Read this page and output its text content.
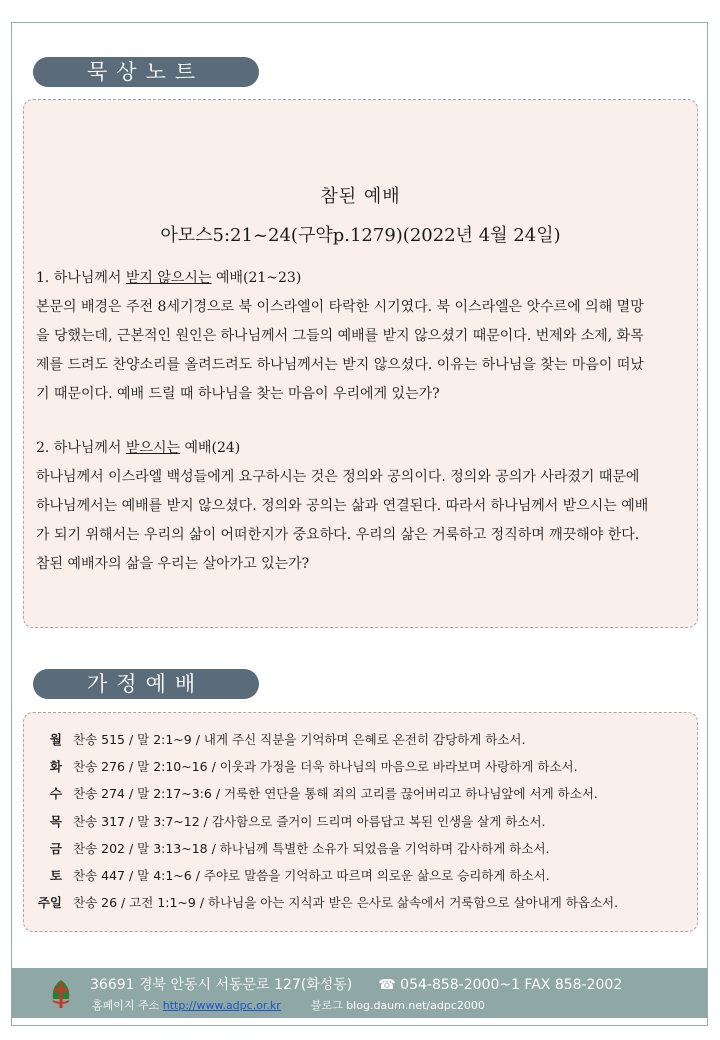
묵상노트
참된 예배
아모스5:21~24(구약p.1279)(2022년 4월 24일)
1. 하나님께서 받지 않으시는 예배(21~23)
본문의 배경은 주전 8세기경으로 북 이스라엘이 타락한 시기였다. 북 이스라엘은 앗수르에 의해 멸망을 당했는데, 근본적인 원인은 하나님께서 그들의 예배를 받지 않으셨기 때문이다. 번제와 소제, 화목제를 드려도 찬양소리를 올려드려도 하나님께서는 받지 않으셨다. 이유는 하나님을 찾는 마음이 떠났기 때문이다. 예배 드릴 때 하나님을 찾는 마음이 우리에게 있는가?
2. 하나님께서 받으시는 예배(24)
하나님께서 이스라엘 백성들에게 요구하시는 것은 정의와 공의이다. 정의와 공의가 사라졌기 때문에 하나님께서는 예배를 받지 않으셨다. 정의와 공의는 삶과 연결된다. 따라서 하나님께서 받으시는 예배가 되기 위해서는 우리의 삶이 어떠한지가 중요하다. 우리의 삶은 거룩하고 정직하며 깨끗해야 한다. 참된 예배자의 삶을 우리는 살아가고 있는가?
가정예배
월 찬송 515 / 말 2:1~9 / 내게 주신 직분을 기억하며 은혜로 온전히 감당하게 하소서.
화 찬송 276 / 말 2:10~16 / 이웃과 가정을 더욱 하나님의 마음으로 바라보며 사랑하게 하소서.
수 찬송 274 / 말 2:17~3:6 / 거룩한 연단을 통해 죄의 고리를 끊어버리고 하나님앞에 서게 하소서.
목 찬송 317 / 말 3:7~12 / 감사함으로 즐거이 드리며 아름답고 복된 인생을 살게 하소서.
금 찬송 202 / 말 3:13~18 / 하나님께 특별한 소유가 되었음을 기억하며 감사하게 하소서.
토 찬송 447 / 말 4:1~6 / 주야로 말씀을 기억하고 따르며 의로운 삶으로 승리하게 하소서.
주일 찬송 26 / 고전 1:1~9 / 하나님을 아는 지식과 받은 은사로 삶속에서 거룩함으로 살아내게 하옵소서.
36691 경북 안동시 서동문로 127(화성동) ☎ 054-858-2000~1 FAX 858-2002
홈페이지 주소 http://www.adpc.or.kr	블로그 blog.daum.net/adpc2000
